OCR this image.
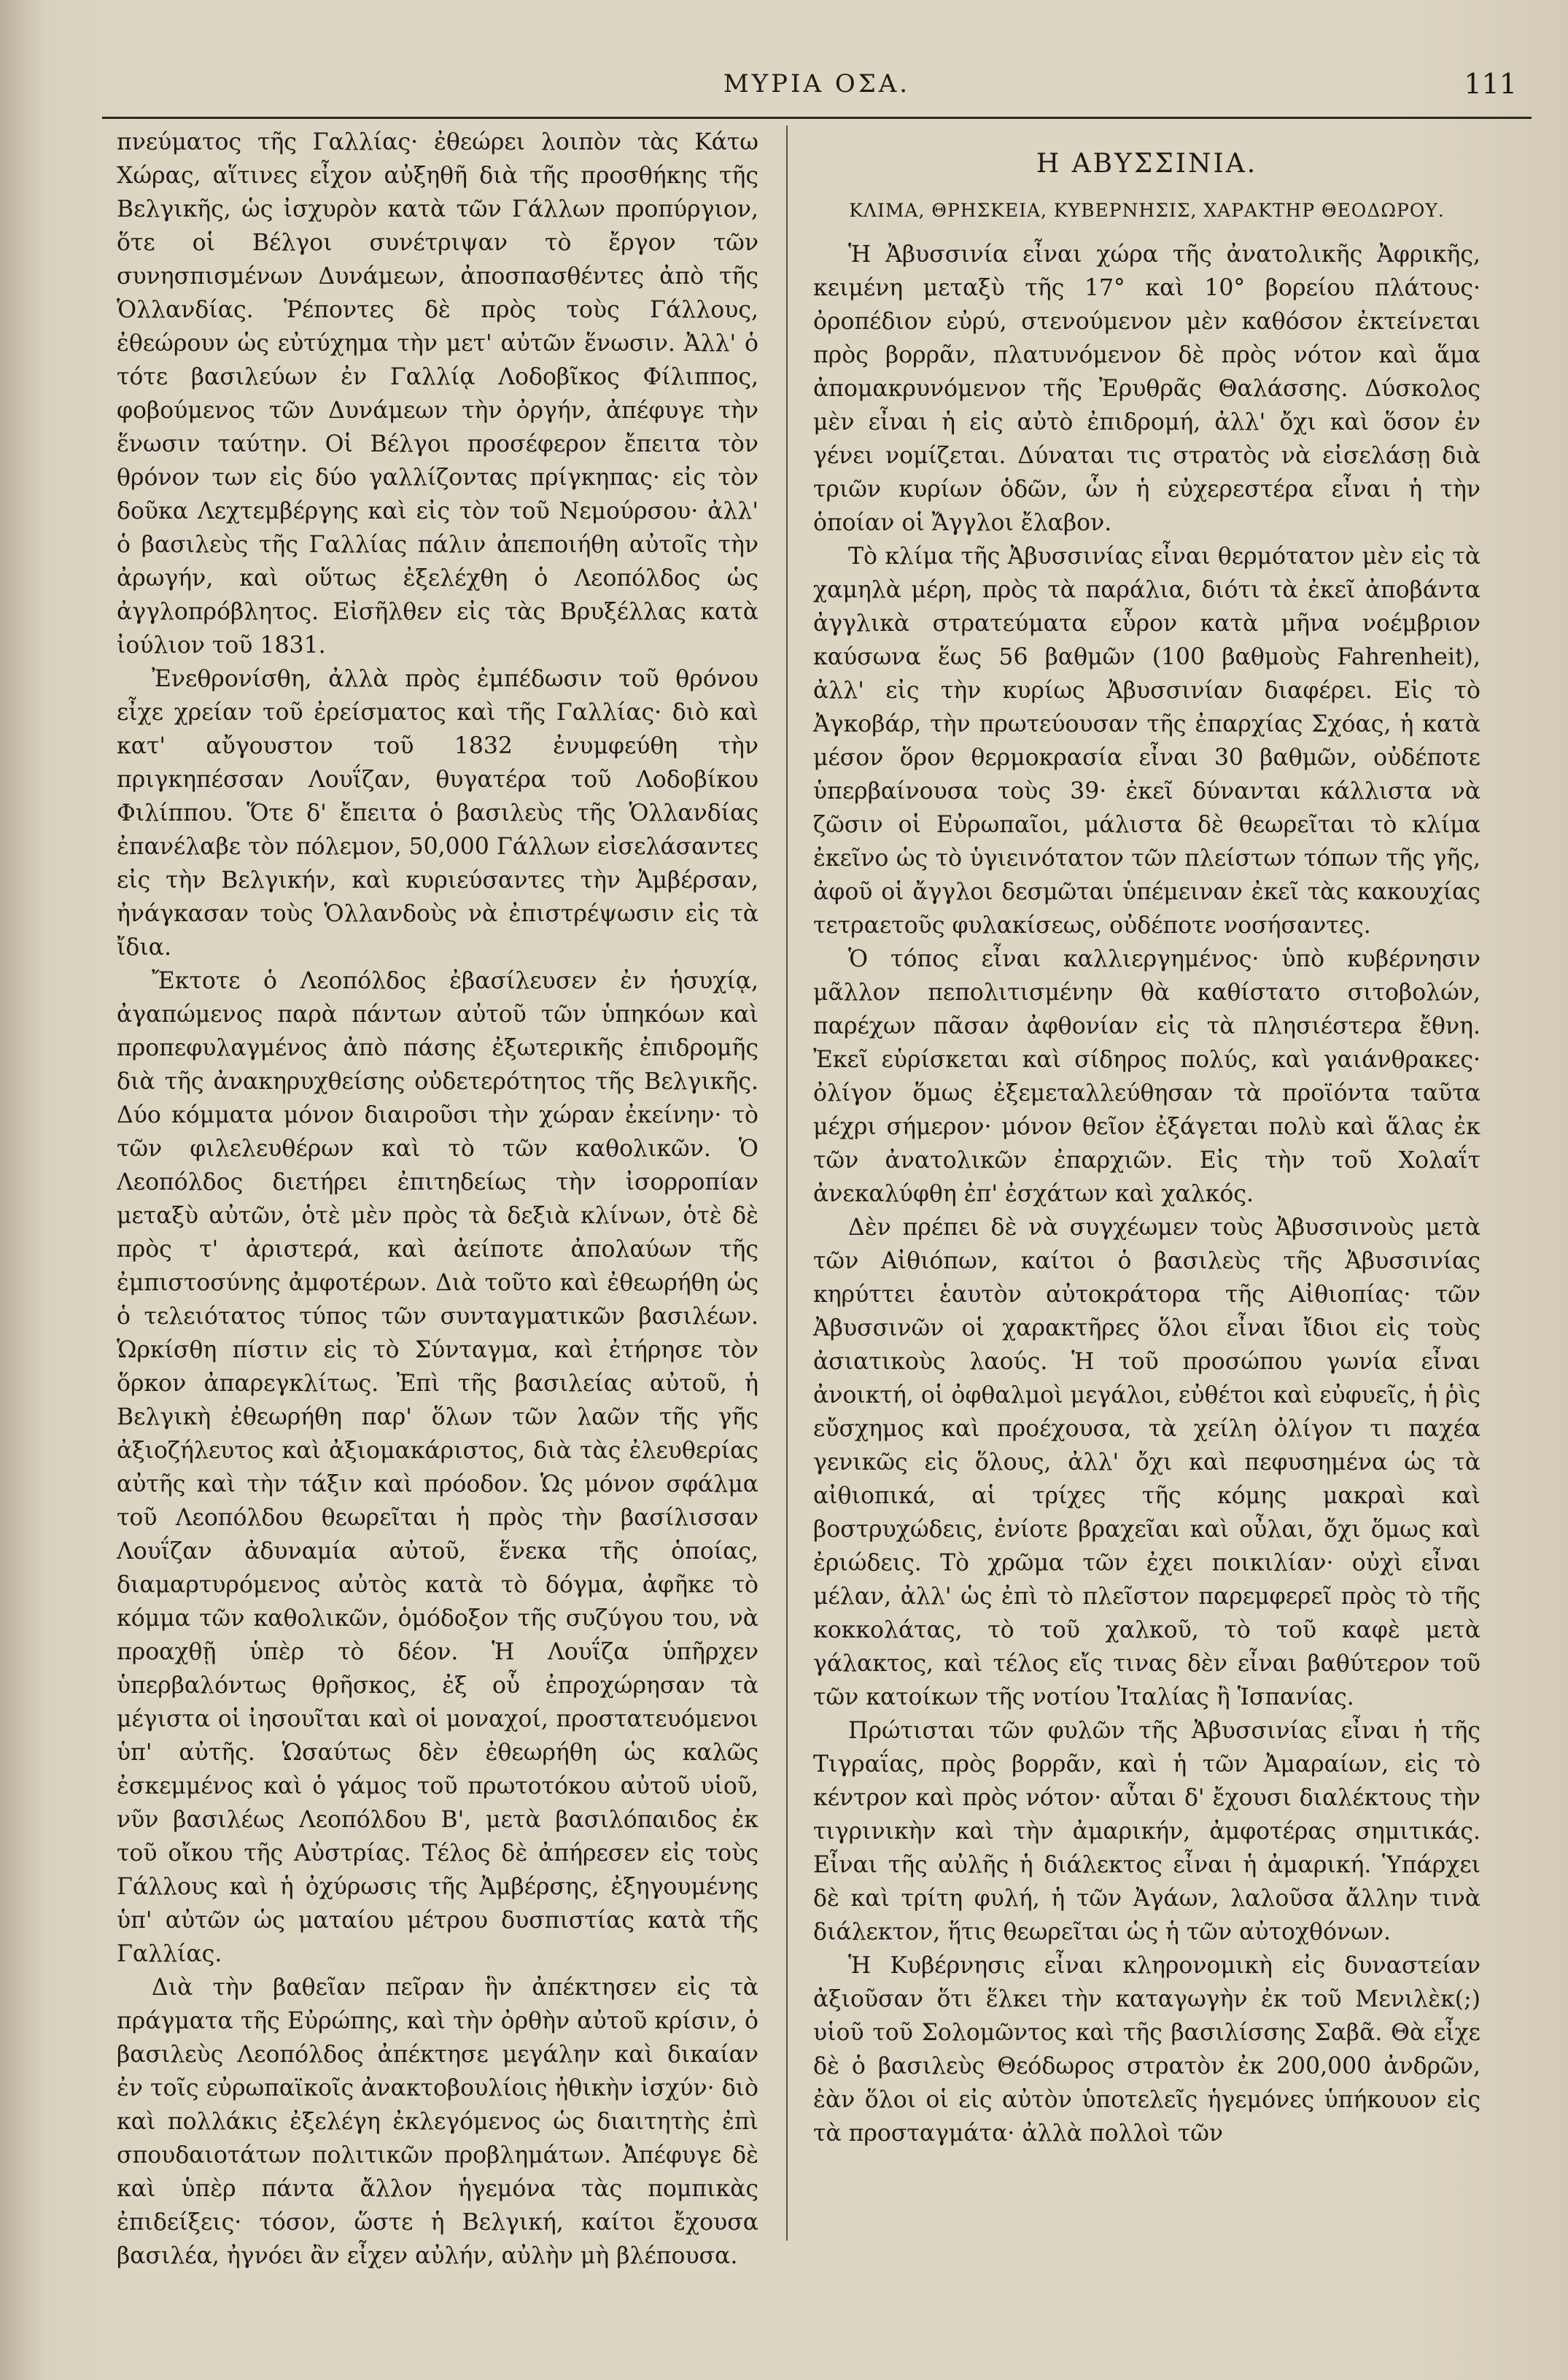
ΜΥΡΙΑ ΟΣΑ.	111

πνεύματος τῆς Γαλλίας· ἐθεώρει λοιπὸν τὰς Κάτω Χώρας, αἵτινες εἶχον αὐξηθῆ διὰ τῆς προσθήκης τῆς Βελγικῆς, ὡς ἰσχυρὸν κατὰ τῶν Γάλλων προπύργιον, ὅτε οἱ Βέλγοι συνέτριψαν τὸ ἔργον τῶν συνησπισμένων Δυνάμεων, ἀποσπασθέντες ἀπὸ τῆς Ὁλλανδίας. Ῥέποντες δὲ πρὸς τοὺς Γάλλους, ἐθεώρουν ὡς εὐτύχημα τὴν μετ' αὐτῶν ἕνωσιν. Ἀλλ' ὁ τότε βασιλεύων ἐν Γαλλίᾳ Λοδοβῖκος Φίλιππος, φοβούμενος τῶν Δυνάμεων τὴν ὀργήν, ἀπέφυγε τὴν ἕνωσιν ταύτην. Οἱ Βέλγοι προσέφερον ἔπειτα τὸν θρόνον των εἰς δύο γαλλίζοντας πρίγκηπας· εἰς τὸν δοῦκα Λεχτεμβέργης καὶ εἰς τὸν τοῦ Νεμούρσου· ἀλλ' ὁ βασιλεὺς τῆς Γαλλίας πάλιν ἀπεποιήθη αὐτοῖς τὴν ἀρωγήν, καὶ οὕτως ἐξελέχθη ὁ Λεοπόλδος ὡς ἀγγλοπρόβλητος. Εἰσῆλθεν εἰς τὰς Βρυξέλλας κατὰ ἰούλιον τοῦ 1831.

Ἐνεθρονίσθη, ἀλλὰ πρὸς ἐμπέδωσιν τοῦ θρόνου εἶχε χρείαν τοῦ ἐρείσματος καὶ τῆς Γαλλίας· διὸ καὶ κατ' αὔγουστον τοῦ 1832 ἐνυμφεύθη τὴν πριγκηπέσσαν Λουΐζαν, θυγατέρα τοῦ Λοδοβίκου Φιλίππου. Ὅτε δ' ἔπειτα ὁ βασιλεὺς τῆς Ὁλλανδίας ἐπανέλαβε τὸν πόλεμον, 50,000 Γάλλων εἰσελάσαντες εἰς τὴν Βελγικήν, καὶ κυριεύσαντες τὴν Ἀμβέρσαν, ἠνάγκασαν τοὺς Ὁλλανδοὺς νὰ ἐπιστρέψωσιν εἰς τὰ ἴδια.

Ἔκτοτε ὁ Λεοπόλδος ἐβασίλευσεν ἐν ἡσυχίᾳ, ἀγαπώμενος παρὰ πάντων αὐτοῦ τῶν ὑπηκόων καὶ προπεφυλαγμένος ἀπὸ πάσης ἐξωτερικῆς ἐπιδρομῆς διὰ τῆς ἀνακηρυχθείσης οὐδετερότητος τῆς Βελγικῆς. Δύο κόμματα μόνον διαιροῦσι τὴν χώραν ἐκείνην· τὸ τῶν φιλελευθέρων καὶ τὸ τῶν καθολικῶν. Ὁ Λεοπόλδος διετήρει ἐπιτηδείως τὴν ἰσορροπίαν μεταξὺ αὐτῶν, ὁτὲ μὲν πρὸς τὰ δεξιὰ κλίνων, ὁτὲ δὲ πρὸς τ' ἀριστερά, καὶ ἀείποτε ἀπολαύων τῆς ἐμπιστοσύνης ἀμφοτέρων. Διὰ τοῦτο καὶ ἐθεωρήθη ὡς ὁ τελειότατος τύπος τῶν συνταγματικῶν βασιλέων. Ὡρκίσθη πίστιν εἰς τὸ Σύνταγμα, καὶ ἐτήρησε τὸν ὅρκον ἀπαρεγκλίτως. Ἐπὶ τῆς βασιλείας αὐτοῦ, ἡ Βελγικὴ ἐθεωρήθη παρ' ὅλων τῶν λαῶν τῆς γῆς ἀξιοζήλευτος καὶ ἀξιομακάριστος, διὰ τὰς ἐλευθερίας αὐτῆς καὶ τὴν τάξιν καὶ πρόοδον. Ὡς μόνον σφάλμα τοῦ Λεοπόλδου θεωρεῖται ἡ πρὸς τὴν βασίλισσαν Λουΐζαν ἀδυναμία αὐτοῦ, ἕνεκα τῆς ὁποίας, διαμαρτυρόμενος αὐτὸς κατὰ τὸ δόγμα, ἀφῆκε τὸ κόμμα τῶν καθολικῶν, ὁμόδοξον τῆς συζύγου του, νὰ προαχθῇ ὑπὲρ τὸ δέον. Ἡ Λουΐζα ὑπῆρχεν ὑπερβαλόντως θρῆσκος, ἐξ οὗ ἐπροχώρησαν τὰ μέγιστα οἱ ἰησουῖται καὶ οἱ μοναχοί, προστατευόμενοι ὑπ' αὐτῆς. Ὡσαύτως δὲν ἐθεωρήθη ὡς καλῶς ἐσκεμμένος καὶ ὁ γάμος τοῦ πρωτοτόκου αὐτοῦ υἱοῦ, νῦν βασιλέως Λεοπόλδου Β', μετὰ βασιλόπαιδος ἐκ τοῦ οἴκου τῆς Αὐστρίας. Τέλος δὲ ἀπήρεσεν εἰς τοὺς Γάλλους καὶ ἡ ὀχύρωσις τῆς Ἀμβέρσης, ἐξηγουμένης ὑπ' αὐτῶν ὡς ματαίου μέτρου δυσπιστίας κατὰ τῆς Γαλλίας.

Διὰ τὴν βαθεῖαν πεῖραν ἣν ἀπέκτησεν εἰς τὰ πράγματα τῆς Εὐρώπης, καὶ τὴν ὀρθὴν αὐτοῦ κρίσιν, ὁ βασιλεὺς Λεοπόλδος ἀπέκτησε μεγάλην καὶ δικαίαν ἐν τοῖς εὐρωπαϊκοῖς ἀνακτοβουλίοις ἠθικὴν ἰσχύν· διὸ καὶ πολλάκις ἐξελέγη ἐκλεγόμενος ὡς διαιτητὴς ἐπὶ σπουδαιοτάτων πολιτικῶν προβλημάτων. Ἀπέφυγε δὲ καὶ ὑπὲρ πάντα ἄλλον ἡγεμόνα τὰς πομπικὰς ἐπιδείξεις· τόσον, ὥστε ἡ Βελγική, καίτοι ἔχουσα βασιλέα, ἠγνόει ἂν εἶχεν αὐλήν, αὐλὴν μὴ βλέπουσα.

Η ΑΒΥΣΣΙΝΙΑ.
ΚΛΙΜΑ, ΘΡΗΣΚΕΙΑ, ΚΥΒΕΡΝΗΣΙΣ, ΧΑΡΑΚΤΗΡ ΘΕΟΔΩΡΟΥ.

Ἡ Ἀβυσσινία εἶναι χώρα τῆς ἀνατολικῆς Ἀφρικῆς, κειμένη μεταξὺ τῆς 17° καὶ 10° βορείου πλάτους· ὀροπέδιον εὐρύ, στενούμενον μὲν καθόσον ἐκτείνεται πρὸς βορρᾶν, πλατυνόμενον δὲ πρὸς νότον καὶ ἅμα ἀπομακρυνόμενον τῆς Ἐρυθρᾶς Θαλάσσης. Δύσκολος μὲν εἶναι ἡ εἰς αὐτὸ ἐπιδρομή, ἀλλ' ὄχι καὶ ὅσον ἐν γένει νομίζεται. Δύναται τις στρατὸς νὰ εἰσελάσῃ διὰ τριῶν κυρίων ὁδῶν, ὧν ἡ εὐχερεστέρα εἶναι ἡ τὴν ὁποίαν οἱ Ἄγγλοι ἔλαβον.

Τὸ κλίμα τῆς Ἀβυσσινίας εἶναι θερμότατον μὲν εἰς τὰ χαμηλὰ μέρη, πρὸς τὰ παράλια, διότι τὰ ἐκεῖ ἀποβάντα ἀγγλικὰ στρατεύματα εὗρον κατὰ μῆνα νοέμβριον καύσωνα ἕως 56 βαθμῶν (100 βαθμοὺς Fahrenheit), ἀλλ' εἰς τὴν κυρίως Ἀβυσσινίαν διαφέρει. Εἰς τὸ Ἀγκοβάρ, τὴν πρωτεύουσαν τῆς ἐπαρχίας Σχόας, ἡ κατὰ μέσον ὅρον θερμοκρασία εἶναι 30 βαθμῶν, οὐδέποτε ὑπερβαίνουσα τοὺς 39· ἐκεῖ δύνανται κάλλιστα νὰ ζῶσιν οἱ Εὐρωπαῖοι, μάλιστα δὲ θεωρεῖται τὸ κλίμα ἐκεῖνο ὡς τὸ ὑγιεινότατον τῶν πλείστων τόπων τῆς γῆς, ἀφοῦ οἱ ἄγγλοι δεσμῶται ὑπέμειναν ἐκεῖ τὰς κακουχίας τετραετοῦς φυλακίσεως, οὐδέποτε νοσήσαντες.

Ὁ τόπος εἶναι καλλιεργημένος· ὑπὸ κυβέρνησιν μᾶλλον πεπολιτισμένην θὰ καθίστατο σιτοβολών, παρέχων πᾶσαν ἀφθονίαν εἰς τὰ πλησιέστερα ἔθνη. Ἐκεῖ εὑρίσκεται καὶ σίδηρος πολύς, καὶ γαιάνθρακες· ὀλίγον ὅμως ἐξεμεταλλεύθησαν τὰ προϊόντα ταῦτα μέχρι σήμερον· μόνον θεῖον ἐξάγεται πολὺ καὶ ἅλας ἐκ τῶν ἀνατολικῶν ἐπαρχιῶν. Εἰς τὴν τοῦ Χολαΐτ ἀνεκαλύφθη ἐπ' ἐσχάτων καὶ χαλκός.

Δὲν πρέπει δὲ νὰ συγχέωμεν τοὺς Ἀβυσσινοὺς μετὰ τῶν Αἰθιόπων, καίτοι ὁ βασιλεὺς τῆς Ἀβυσσινίας κηρύττει ἑαυτὸν αὐτοκράτορα τῆς Αἰθιοπίας· τῶν Ἀβυσσινῶν οἱ χαρακτῆρες ὅλοι εἶναι ἴδιοι εἰς τοὺς ἀσιατικοὺς λαούς. Ἡ τοῦ προσώπου γωνία εἶναι ἀνοικτή, οἱ ὀφθαλμοὶ μεγάλοι, εὐθέτοι καὶ εὐφυεῖς, ἡ ῥὶς εὔσχημος καὶ προέχουσα, τὰ χείλη ὀλίγον τι παχέα γενικῶς εἰς ὅλους, ἀλλ' ὄχι καὶ πεφυσημένα ὡς τὰ αἰθιοπικά, αἱ τρίχες τῆς κόμης μακραὶ καὶ βοστρυχώδεις, ἐνίοτε βραχεῖαι καὶ οὖλαι, ὄχι ὅμως καὶ ἐριώδεις. Τὸ χρῶμα τῶν ἐχει ποικιλίαν· οὐχὶ εἶναι μέλαν, ἀλλ' ὡς ἐπὶ τὸ πλεῖστον παρεμφερεῖ πρὸς τὸ τῆς κοκκολάτας, τὸ τοῦ χαλκοῦ, τὸ τοῦ καφὲ μετὰ γάλακτος, καὶ τέλος εἴς τινας δὲν εἶναι βαθύτερον τοῦ τῶν κατοίκων τῆς νοτίου Ἰταλίας ἢ Ἱσπανίας.

Πρώτισται τῶν φυλῶν τῆς Ἀβυσσινίας εἶναι ἡ τῆς Τιγραΐας, πρὸς βορρᾶν, καὶ ἡ τῶν Ἀμαραίων, εἰς τὸ κέντρον καὶ πρὸς νότον· αὗται δ' ἔχουσι διαλέκτους τὴν τιγρινικὴν καὶ τὴν ἀμαρικήν, ἀμφοτέρας σημιτικάς. Εἶναι τῆς αὐλῆς ἡ διάλεκτος εἶναι ἡ ἀμαρική. Ὑπάρχει δὲ καὶ τρίτη φυλή, ἡ τῶν Ἀγάων, λαλοῦσα ἄλλην τινὰ διάλεκτον, ἥτις θεωρεῖται ὡς ἡ τῶν αὐτοχθόνων.

Ἡ Κυβέρνησις εἶναι κληρονομικὴ εἰς δυναστείαν ἀξιοῦσαν ὅτι ἕλκει τὴν καταγωγὴν ἐκ τοῦ Μενιλὲκ(;) υἱοῦ τοῦ Σολομῶντος καὶ τῆς βασιλίσσης Σαβᾶ. Θὰ εἶχε δὲ ὁ βασιλεὺς Θεόδωρος στρατὸν ἐκ 200,000 ἀνδρῶν, ἐὰν ὅλοι οἱ εἰς αὐτὸν ὑποτελεῖς ἡγεμόνες ὑπήκουον εἰς τὰ προσταγμάτα· ἀλλὰ πολλοὶ τῶν
